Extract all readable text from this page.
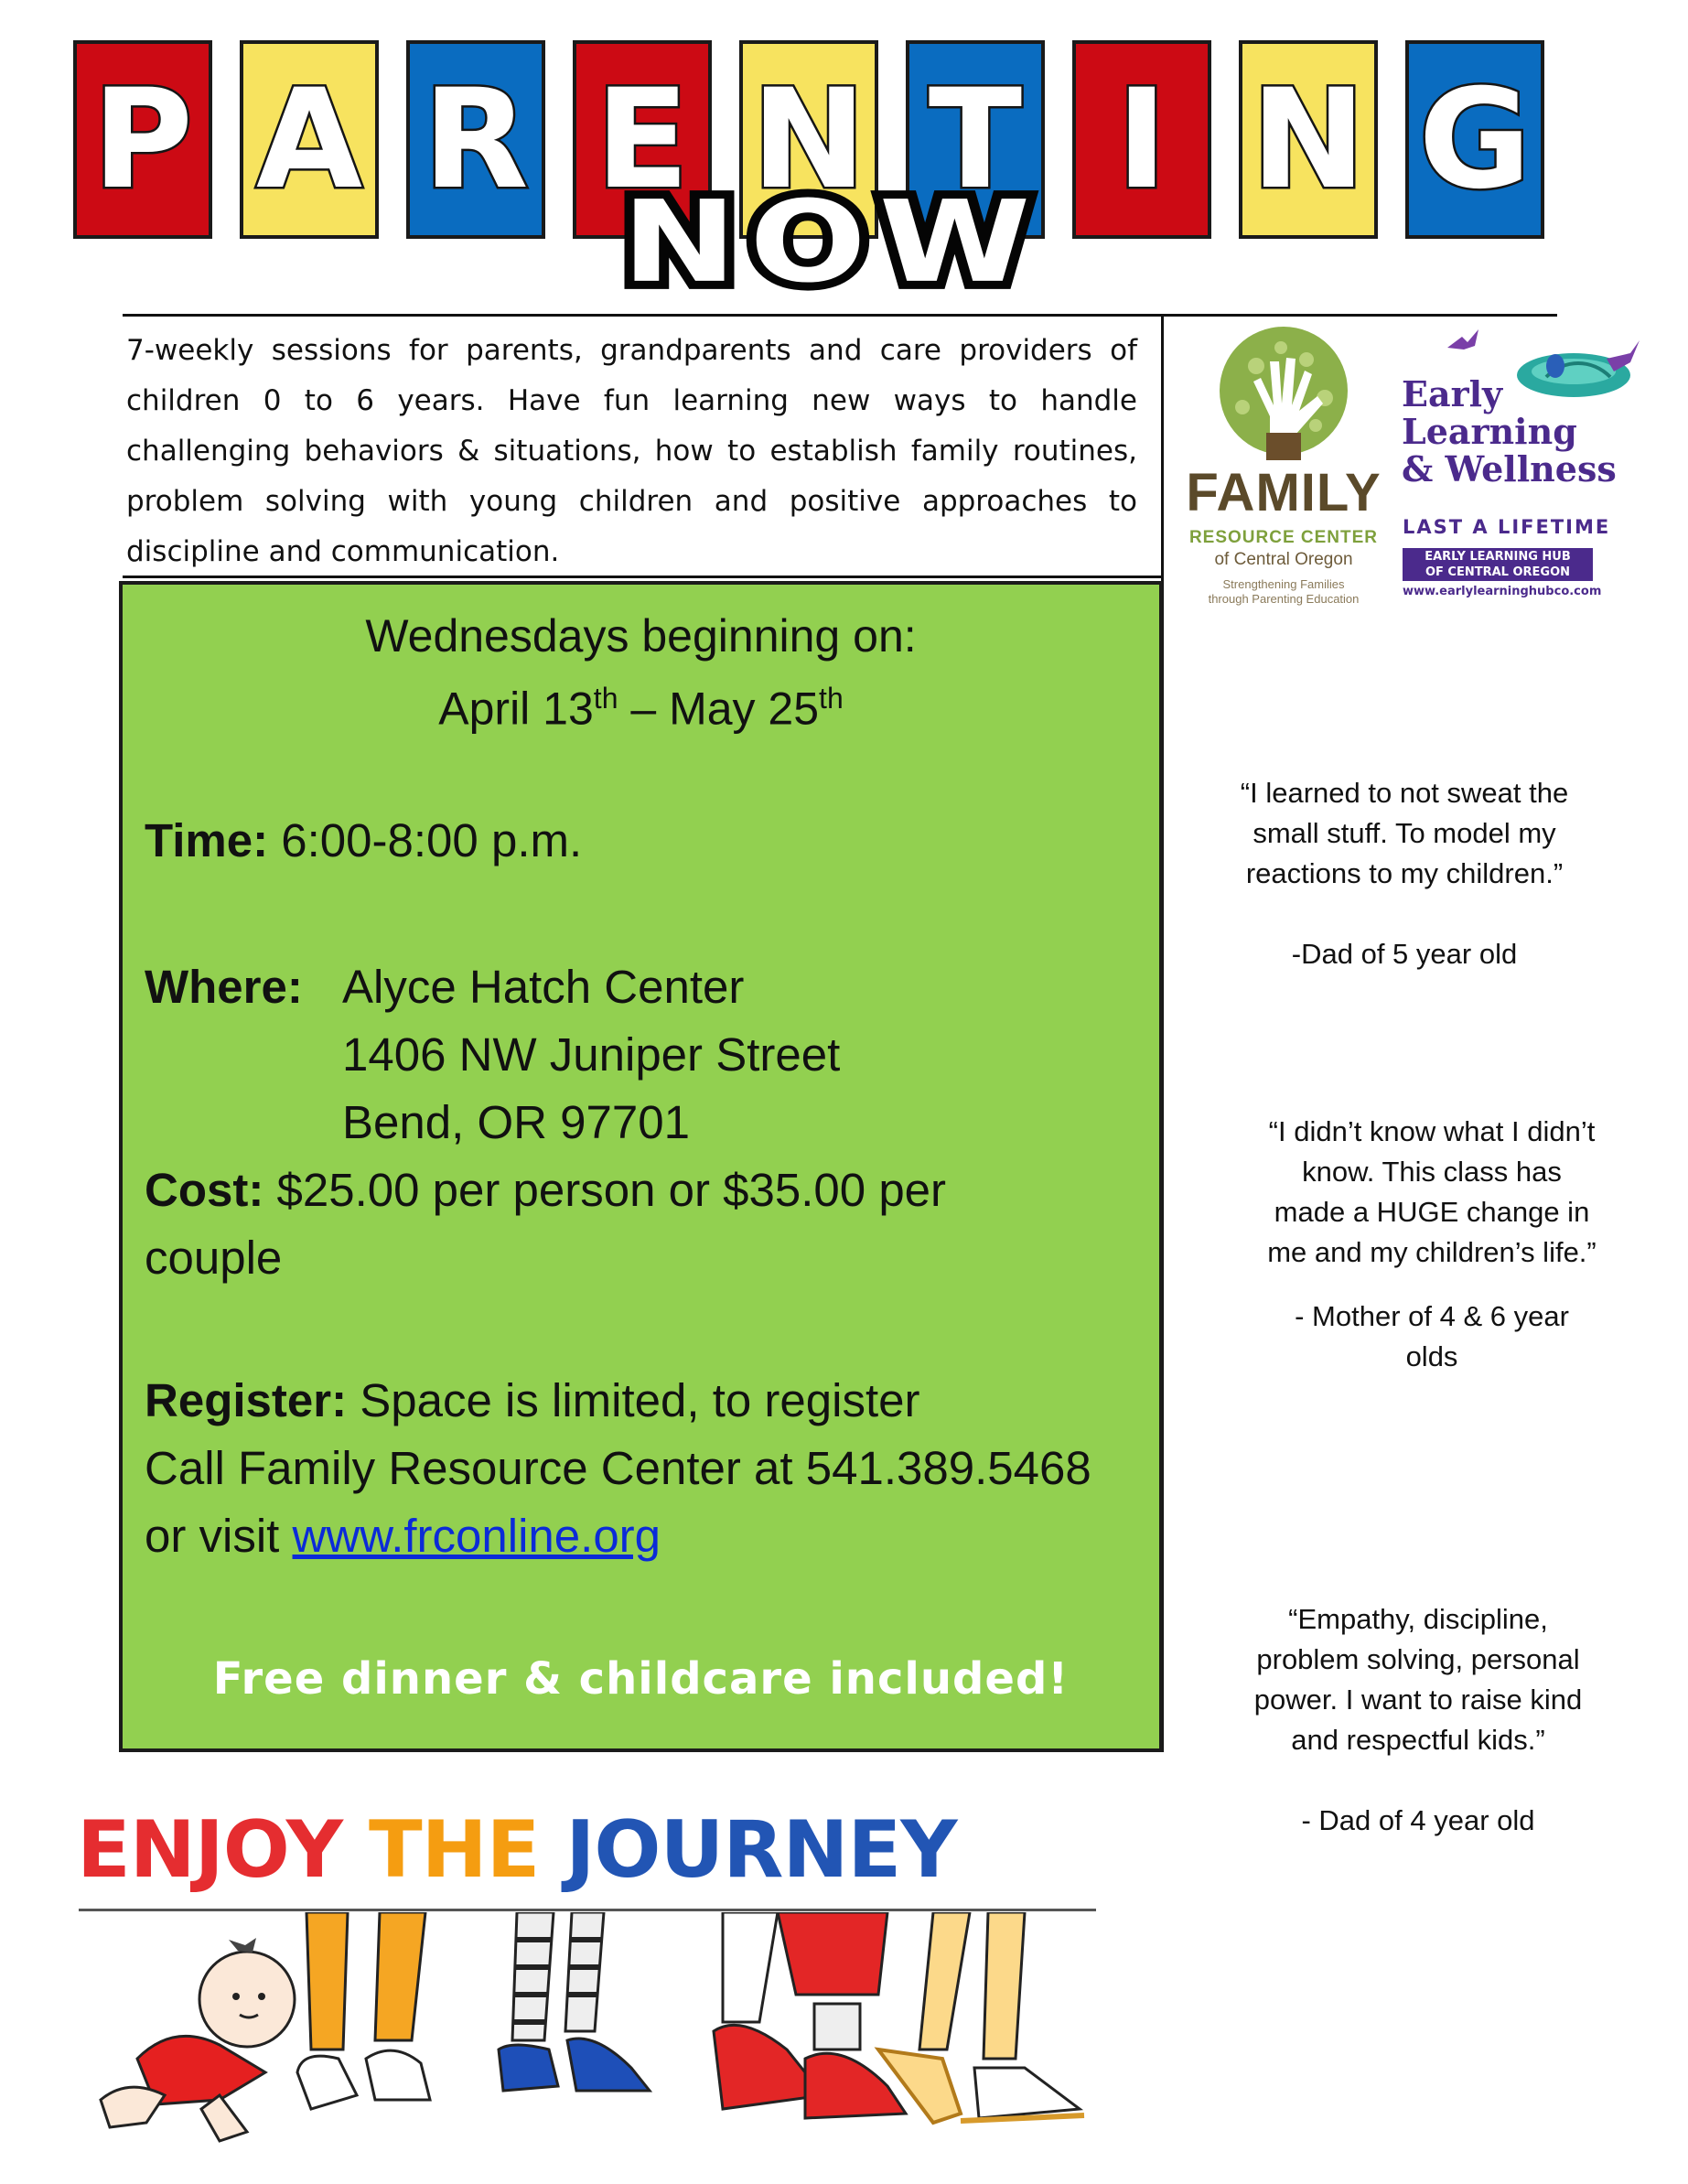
P A R E N T I N G
NOW
7-weekly sessions for parents, grandparents and care providers of children 0 to 6 years. Have fun learning new ways to handle challenging behaviors & situations, how to establish family routines, problem solving with young children and positive approaches to discipline and communication.
FAMILY
RESOURCE CENTER
of Central Oregon
Strengthening Families
through Parenting Education
Early
Learning
& Wellness
LAST A LIFETIME
EARLY LEARNING HUB
OF CENTRAL OREGON
www.earlylearninghubco.com
Wednesdays beginning on:
April 13th – May 25th
Time: 6:00-8:00 p.m.
Where: Alyce Hatch Center
1406 NW Juniper Street
Bend, OR 97701
Cost: $25.00 per person or $35.00 per
couple
Register: Space is limited, to register
Call Family Resource Center at 541.389.5468
or visit www.frconline.org
Free dinner & childcare included!
“I learned to not sweat the small stuff. To model my reactions to my children.”
-Dad of 5 year old
“I didn’t know what I didn’t know. This class has made a HUGE change in me and my children’s life.”
- Mother of 4 & 6 year olds
“Empathy, discipline, problem solving, personal power. I want to raise kind and respectful kids.”
- Dad of 4 year old
ENJOY THE JOURNEY
